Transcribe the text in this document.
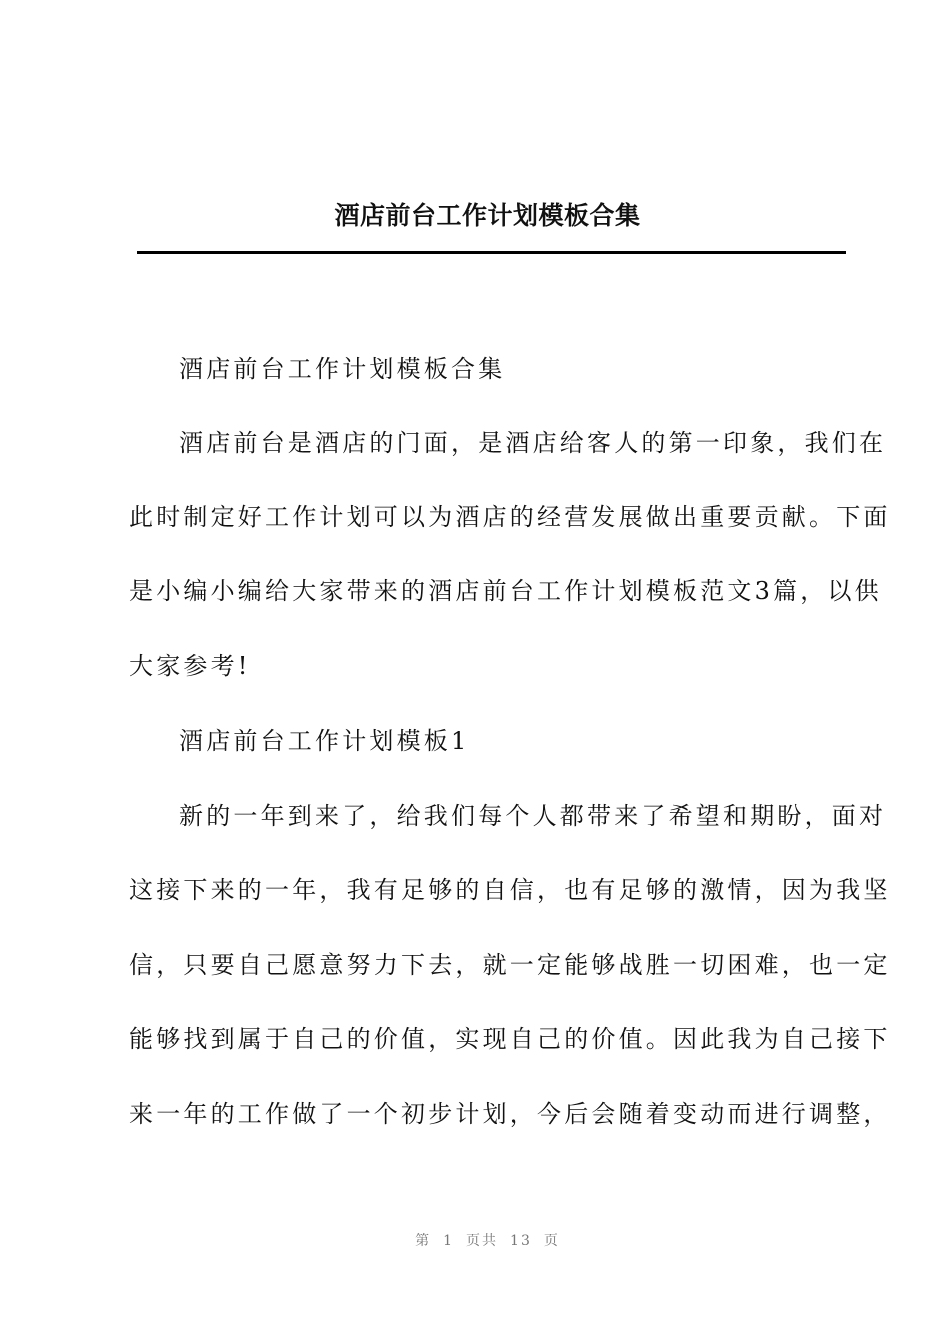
酒店前台工作计划模板合集
酒店前台工作计划模板合集
酒店前台是酒店的门面，是酒店给客人的第一印象，我们在
此时制定好工作计划可以为酒店的经营发展做出重要贡献。下面
是小编小编给大家带来的酒店前台工作计划模板范文3篇，以供
大家参考!
酒店前台工作计划模板1
新的一年到来了，给我们每个人都带来了希望和期盼，面对
这接下来的一年，我有足够的自信，也有足够的激情，因为我坚
信，只要自己愿意努力下去，就一定能够战胜一切困难，也一定
能够找到属于自己的价值，实现自己的价值。因此我为自己接下
来一年的工作做了一个初步计划，今后会随着变动而进行调整，
第 1 页共 13 页
